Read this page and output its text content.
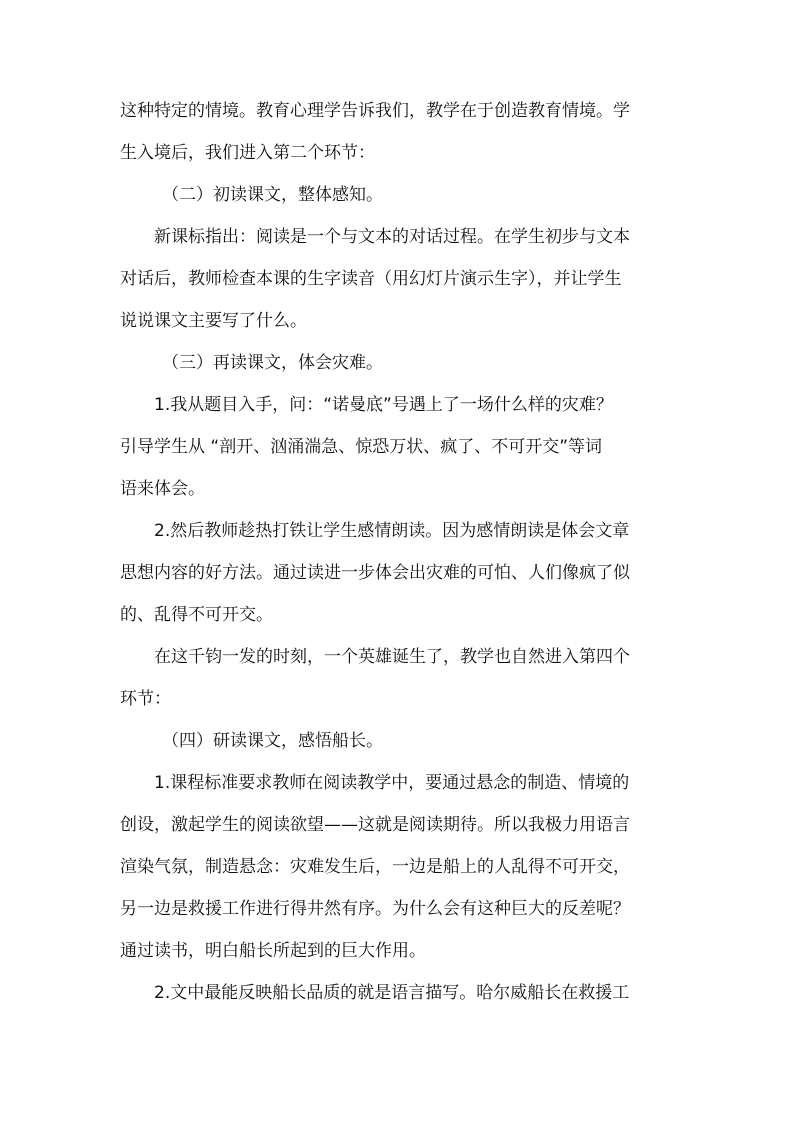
这种特定的情境。教育心理学告诉我们，教学在于创造教育情境。学
生入境后，我们进入第二个环节：
（二）初读课文，整体感知。
新课标指出：阅读是一个与文本的对话过程。在学生初步与文本
对话后，教师检查本课的生字读音（用幻灯片演示生字），并让学生
说说课文主要写了什么。
（三）再读课文，体会灾难。
1.我从题目入手，问：“诺曼底”号遇上了一场什么样的灾难？
引导学生从 “剖开、汹涌湍急、惊恐万状、疯了、不可开交”等词
语来体会。
2.然后教师趁热打铁让学生感情朗读。因为感情朗读是体会文章
思想内容的好方法。通过读进一步体会出灾难的可怕、人们像疯了似
的、乱得不可开交。
在这千钧一发的时刻，一个英雄诞生了，教学也自然进入第四个
环节：
（四）研读课文，感悟船长。
1.课程标准要求教师在阅读教学中，要通过悬念的制造、情境的
创设，激起学生的阅读欲望——这就是阅读期待。所以我极力用语言
渲染气氛，制造悬念：灾难发生后，一边是船上的人乱得不可开交，
另一边是救援工作进行得井然有序。为什么会有这种巨大的反差呢？
通过读书，明白船长所起到的巨大作用。
2.文中最能反映船长品质的就是语言描写。哈尔威船长在救援工
